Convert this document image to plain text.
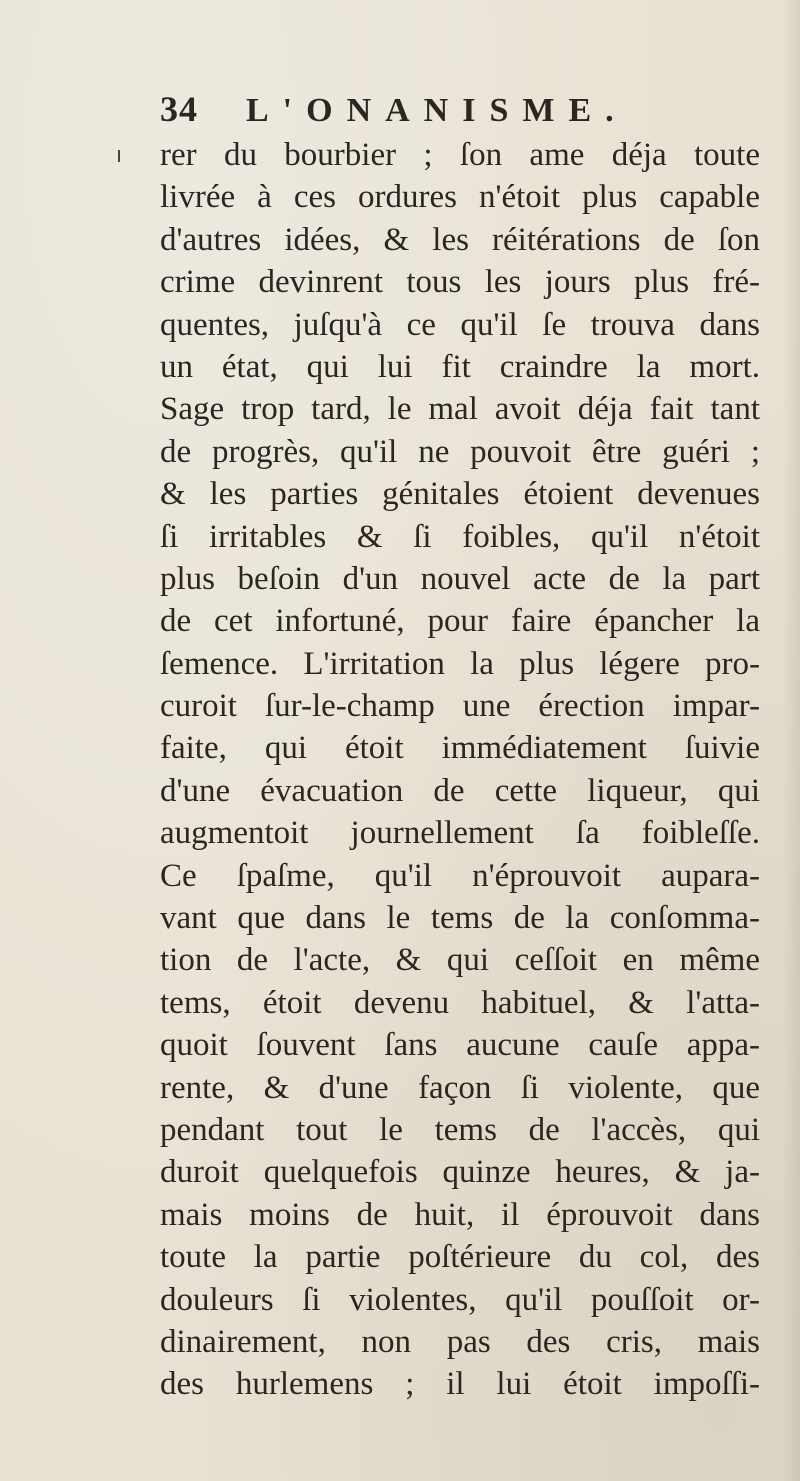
34 L'ONANISME.
rer du bourbier ; ſon ame déja toute
livrée à ces ordures n'étoit plus capable
d'autres idées, & les réitérations de ſon
crime devinrent tous les jours plus fré-
quentes, juſqu'à ce qu'il ſe trouva dans
un état, qui lui fit craindre la mort.
Sage trop tard, le mal avoit déja fait tant
de progrès, qu'il ne pouvoit être guéri ;
& les parties génitales étoient devenues
ſi irritables & ſi foibles, qu'il n'étoit
plus beſoin d'un nouvel acte de la part
de cet infortuné, pour faire épancher la
ſemence. L'irritation la plus légere pro-
curoit ſur-le-champ une érection impar-
faite, qui étoit immédiatement ſuivie
d'une évacuation de cette liqueur, qui
augmentoit journellement ſa foibleſſe.
Ce ſpaſme, qu'il n'éprouvoit aupara-
vant que dans le tems de la conſomma-
tion de l'acte, & qui ceſſoit en même
tems, étoit devenu habituel, & l'atta-
quoit ſouvent ſans aucune cauſe appa-
rente, & d'une façon ſi violente, que
pendant tout le tems de l'accès, qui
duroit quelquefois quinze heures, & ja-
mais moins de huit, il éprouvoit dans
toute la partie poſtérieure du col, des
douleurs ſi violentes, qu'il pouſſoit or-
dinairement, non pas des cris, mais
des hurlemens ; il lui étoit impoſſi-
